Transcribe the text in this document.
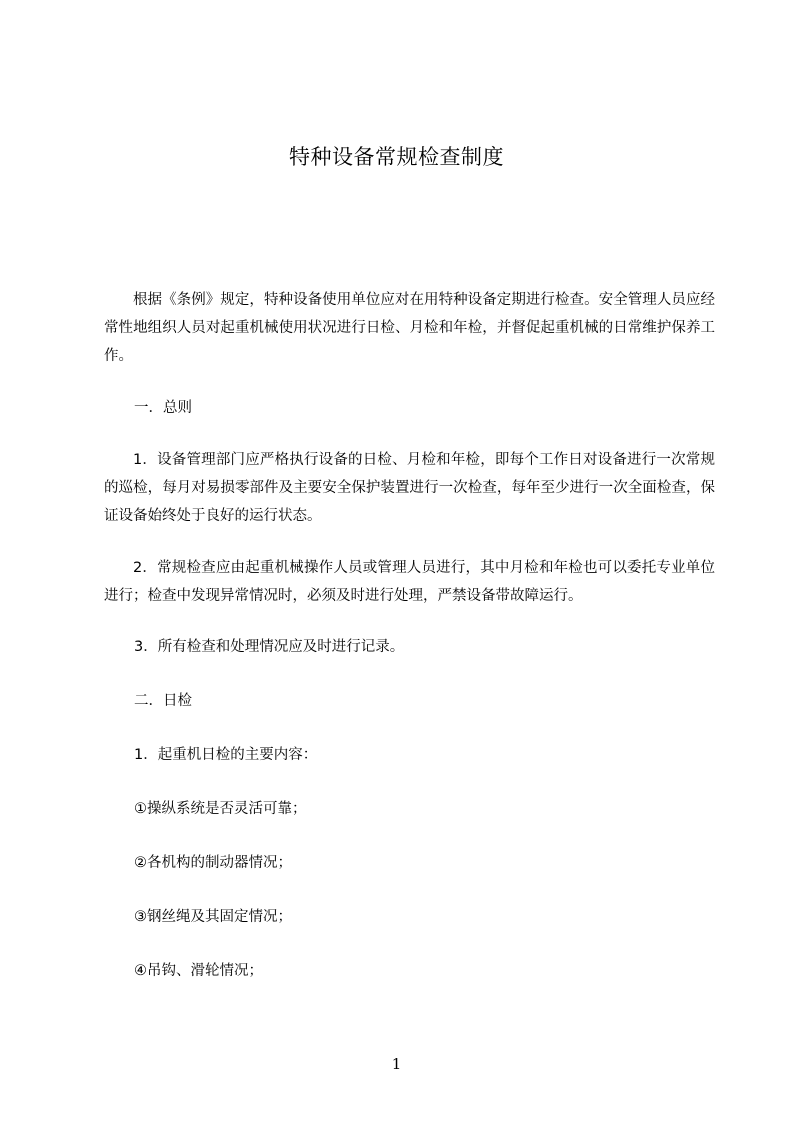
特种设备常规检查制度
根据《条例》规定，特种设备使用单位应对在用特种设备定期进行检查。安全管理人员应经常性地组织人员对起重机械使用状况进行日检、月检和年检，并督促起重机械的日常维护保养工作。
一．总则
1．设备管理部门应严格执行设备的日检、月检和年检，即每个工作日对设备进行一次常规的巡检，每月对易损零部件及主要安全保护装置进行一次检查，每年至少进行一次全面检查，保证设备始终处于良好的运行状态。
2．常规检查应由起重机械操作人员或管理人员进行，其中月检和年检也可以委托专业单位进行；检查中发现异常情况时，必须及时进行处理，严禁设备带故障运行。
3．所有检查和处理情况应及时进行记录。
二．日检
1．起重机日检的主要内容：
①操纵系统是否灵活可靠；
②各机构的制动器情况；
③钢丝绳及其固定情况；
④吊钩、滑轮情况；
1
